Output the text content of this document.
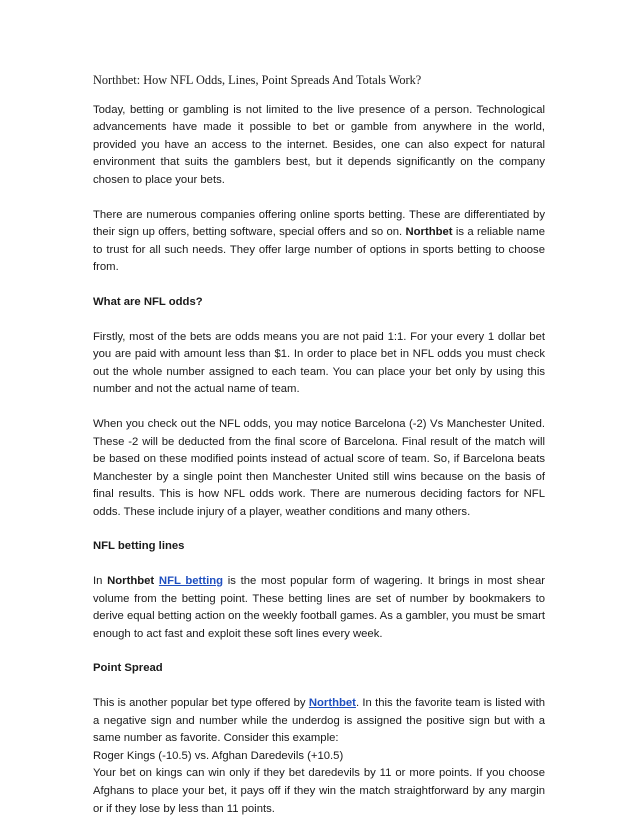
Northbet: How NFL Odds, Lines, Point Spreads And Totals Work?

Today, betting or gambling is not limited to the live presence of a person. Technological advancements have made it possible to bet or gamble from anywhere in the world, provided you have an access to the internet. Besides, one can also expect for natural environment that suits the gamblers best, but it depends significantly on the company chosen to place your bets.

There are numerous companies offering online sports betting. These are differentiated by their sign up offers, betting software, special offers and so on. Northbet is a reliable name to trust for all such needs. They offer large number of options in sports betting to choose from.

What are NFL odds?

Firstly, most of the bets are odds means you are not paid 1:1. For your every 1 dollar bet you are paid with amount less than $1. In order to place bet in NFL odds you must check out the whole number assigned to each team. You can place your bet only by using this number and not the actual name of team.

When you check out the NFL odds, you may notice Barcelona (-2) Vs Manchester United. These -2 will be deducted from the final score of Barcelona. Final result of the match will be based on these modified points instead of actual score of team. So, if Barcelona beats Manchester by a single point then Manchester United still wins because on the basis of final results. This is how NFL odds work. There are numerous deciding factors for NFL odds. These include injury of a player, weather conditions and many others.

NFL betting lines

In Northbet NFL betting is the most popular form of wagering. It brings in most shear volume from the betting point. These betting lines are set of number by bookmakers to derive equal betting action on the weekly football games. As a gambler, you must be smart enough to act fast and exploit these soft lines every week.

Point Spread

This is another popular bet type offered by Northbet. In this the favorite team is listed with a negative sign and number while the underdog is assigned the positive sign but with a same number as favorite. Consider this example:

Roger Kings (-10.5) vs. Afghan Daredevils (+10.5)

Your bet on kings can win only if they bet daredevils by 11 or more points. If you choose Afghans to place your bet, it pays off if they win the match straightforward by any margin or if they lose by less than 11 points.
